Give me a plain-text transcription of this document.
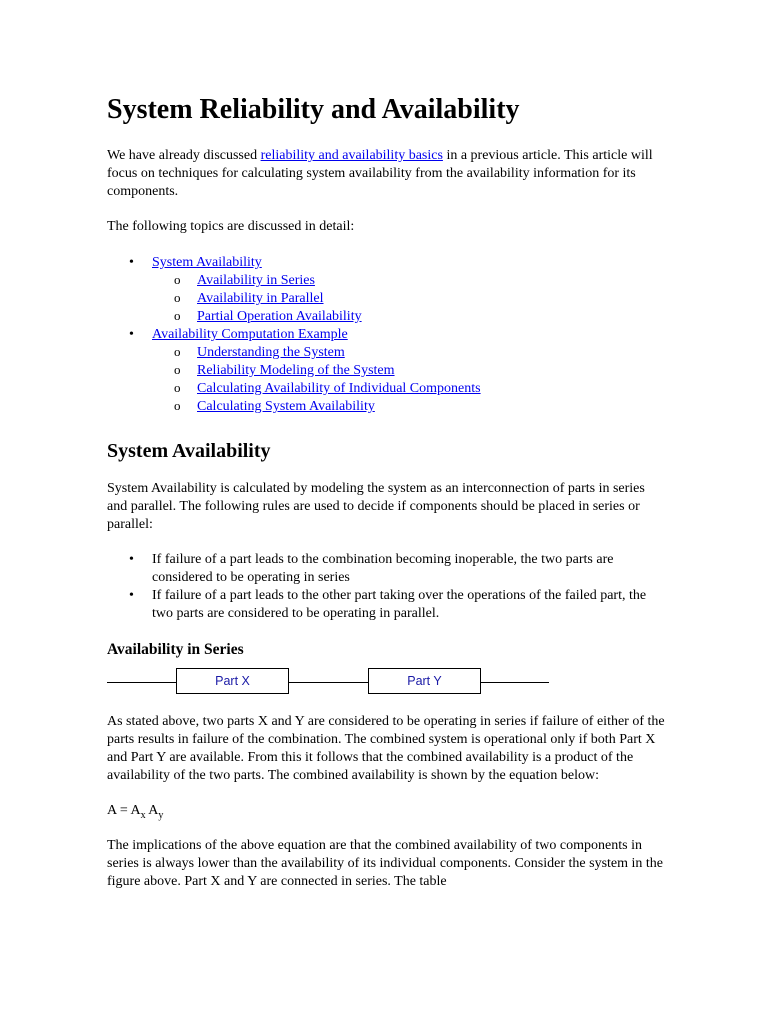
System Reliability and Availability

We have already discussed reliability and availability basics in a previous article. This article will focus on techniques for calculating system availability from the availability information for its components.

The following topics are discussed in detail:

• System Availability
o Availability in Series
o Availability in Parallel
o Partial Operation Availability
• Availability Computation Example
o Understanding the System
o Reliability Modeling of the System
o Calculating Availability of Individual Components
o Calculating System Availability
System Availability

System Availability is calculated by modeling the system as an interconnection of parts in series and parallel. The following rules are used to decide if components should be placed in series or parallel:

• If failure of a part leads to the combination becoming inoperable, the two parts are considered to be operating in series
• If failure of a part leads to the other part taking over the operations of the failed part, the two parts are considered to be operating in parallel.
Availability in Series
Part X	Part Y

As stated above, two parts X and Y are considered to be operating in series if failure of either of the parts results in failure of the combination. The combined system is operational only if both Part X and Part Y are available. From this it follows that the combined availability is a product of the availability of the two parts. The combined availability is shown by the equation below:

$A = A_x$ $A_y$

The implications of the above equation are that the combined availability of two components in series is always lower than the availability of its individual components. Consider the system in the figure above. Part X and Y are connected in series. The table
